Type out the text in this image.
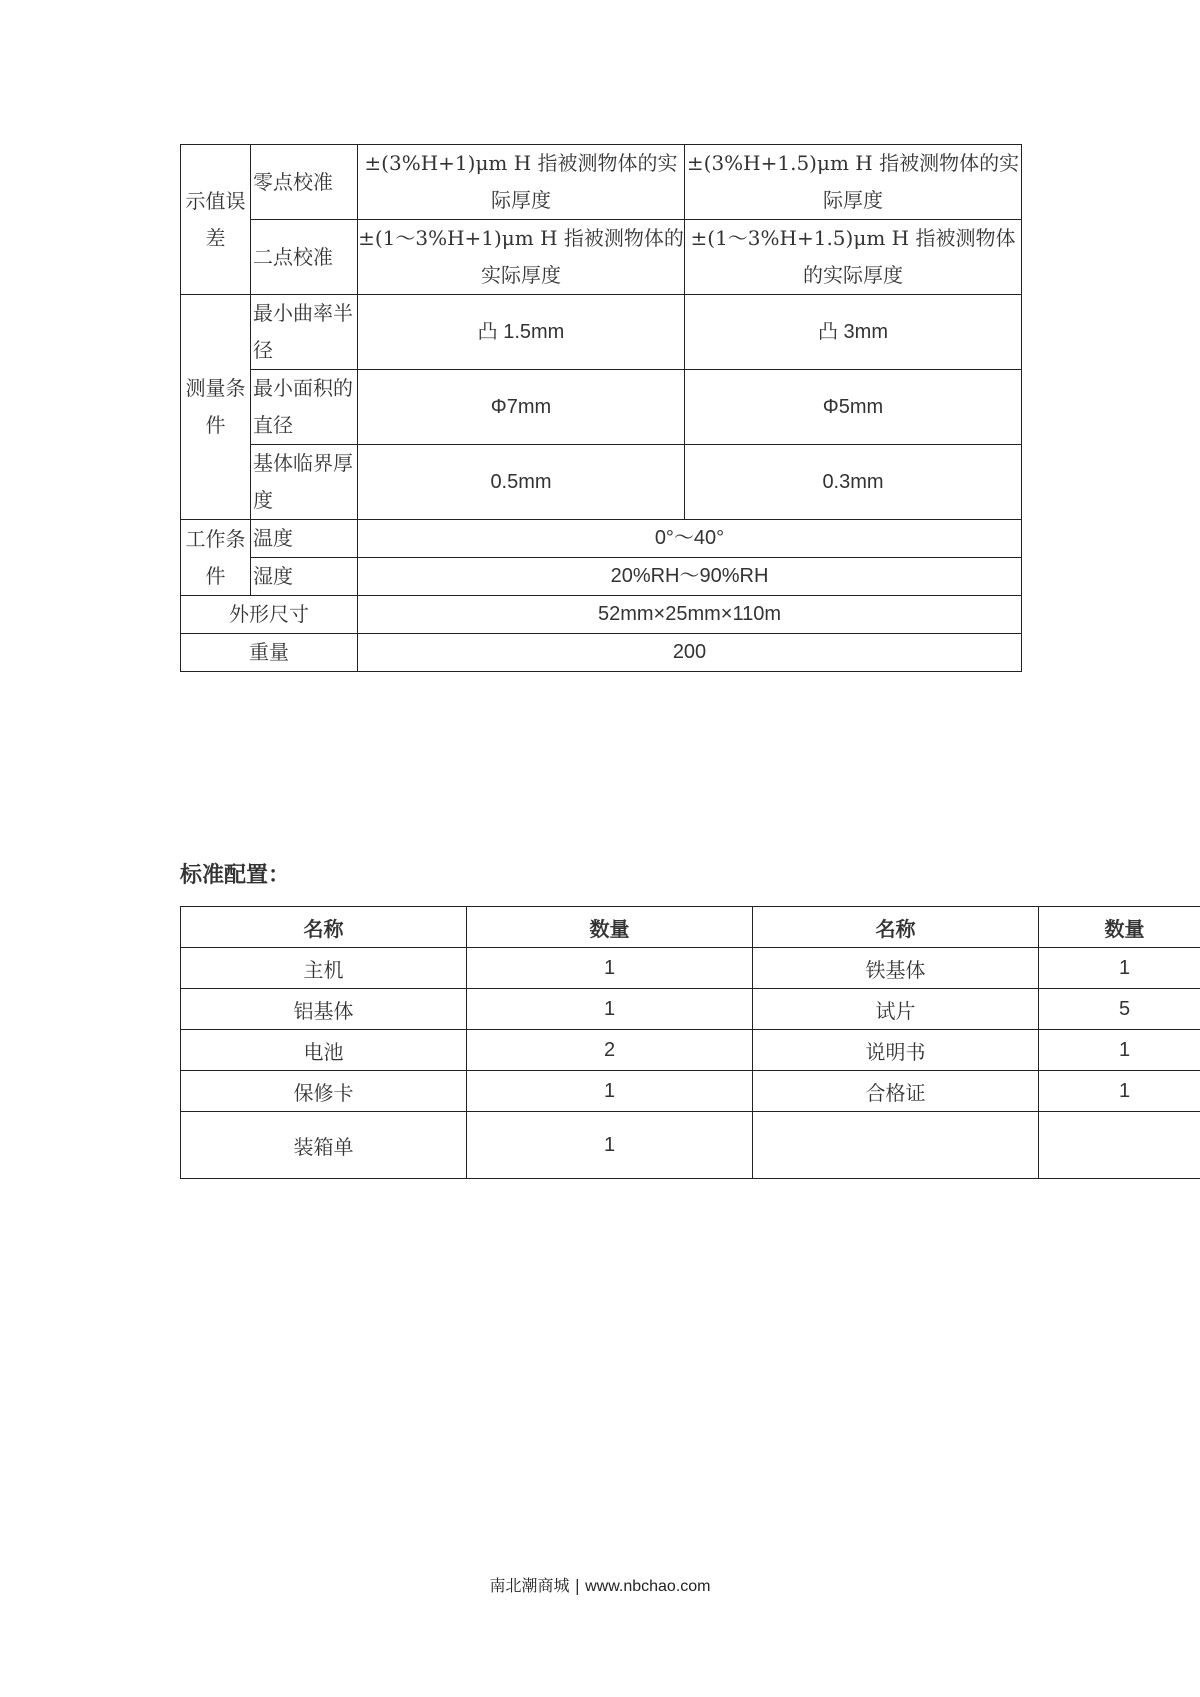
示值误差	零点校准	±(3%H+1)μm H 指被测物体的实际厚度	±(3%H+1.5)μm H 指被测物体的实际厚度
	二点校准	±(1～3%H+1)μm H 指被测物体的实际厚度	±(1～3%H+1.5)μm H 指被测物体的实际厚度
测量条件	最小曲率半径	凸 1.5mm	凸 3mm
	最小面积的直径	Φ7mm	Φ5mm
	基体临界厚度	0.5mm	0.3mm
工作条件	温度	0°～40°	
	湿度	20%RH～90%RH	
外形尺寸		52mm×25mm×110m	
重量		200	
标准配置：
名称	数量	名称	数量
主机	1	铁基体	1
铝基体	1	试片	5
电池	2	说明书	1
保修卡	1	合格证	1
装箱单	1		
南北潮商城 | www.nbchao.com
